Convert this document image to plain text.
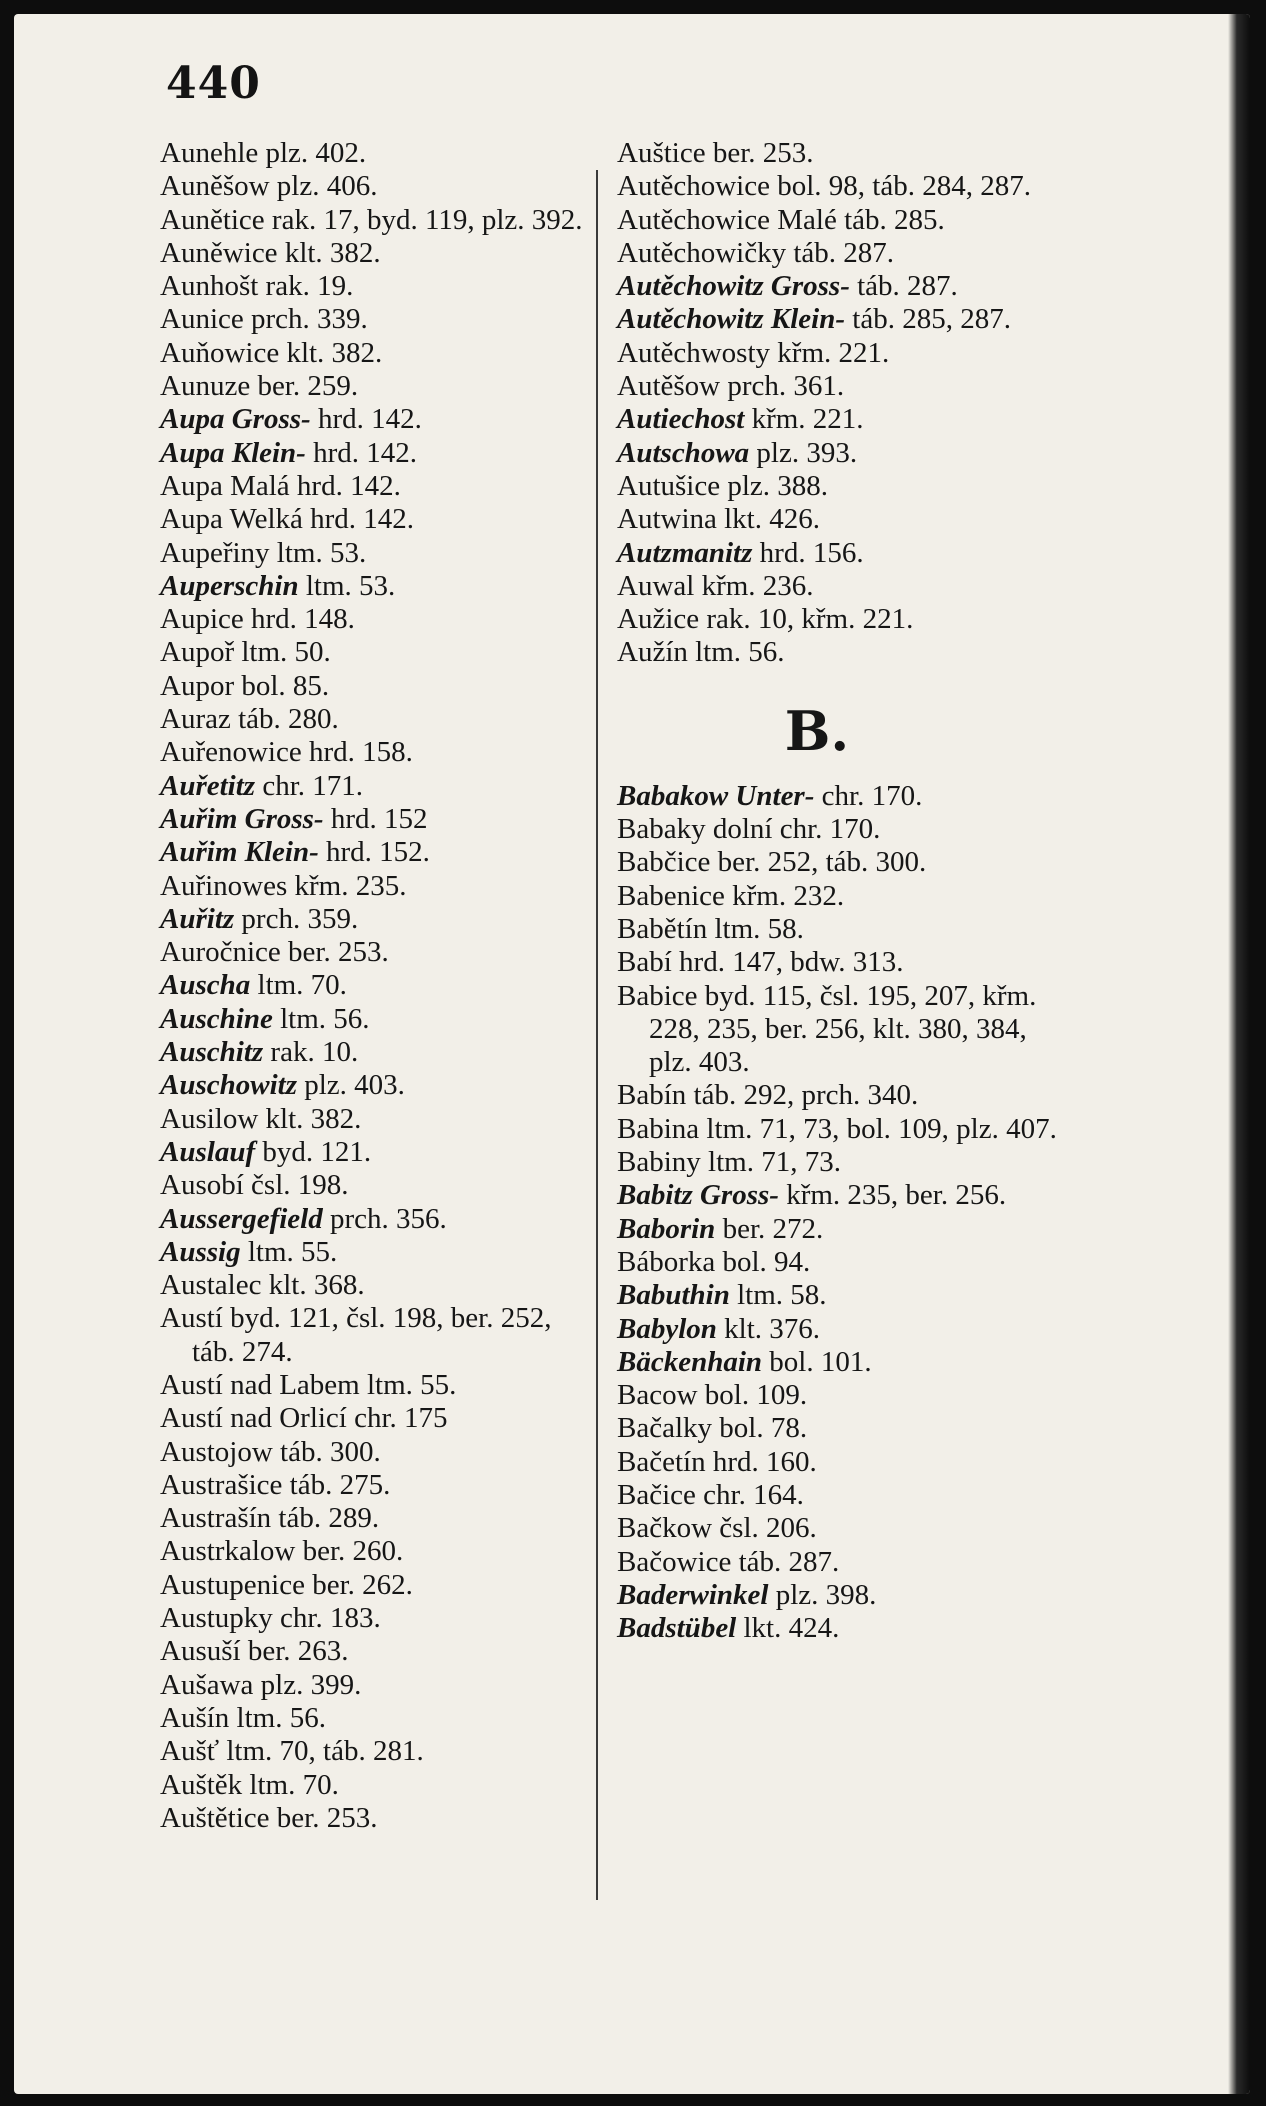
440
Aunehle plz. 402.
Auněšow plz. 406.
Aunětice rak. 17, byd. 119, plz. 392.
Auněwice klt. 382.
Aunhošt rak. 19.
Aunice prch. 339.
Auňowice klt. 382.
Aunuze ber. 259.
Aupa Gross- hrd. 142.
Aupa Klein- hrd. 142.
Aupa Malá hrd. 142.
Aupa Welká hrd. 142.
Aupeřiny ltm. 53.
Auperschin ltm. 53.
Aupice hrd. 148.
Aupoř ltm. 50.
Aupor bol. 85.
Auraz táb. 280.
Auřenowice hrd. 158.
Auřetitz chr. 171.
Auřim Gross- hrd. 152
Auřim Klein- hrd. 152.
Auřinowes křm. 235.
Auřitz prch. 359.
Auročnice ber. 253.
Auscha ltm. 70.
Auschine ltm. 56.
Auschitz rak. 10.
Auschowitz plz. 403.
Ausilow klt. 382.
Auslauf byd. 121.
Ausobí čsl. 198.
Aussergefield prch. 356.
Aussig ltm. 55.
Austalec klt. 368.
Austí byd. 121, čsl. 198, ber. 252, táb. 274.
Austí nad Labem ltm. 55.
Austí nad Orlicí chr. 175
Austojow táb. 300.
Austrašice táb. 275.
Austrašín táb. 289.
Austrkalow ber. 260.
Austupenice ber. 262.
Austupky chr. 183.
Ausuší ber. 263.
Aušawa plz. 399.
Aušín ltm. 56.
Aušť ltm. 70, táb. 281.
Auštěk ltm. 70.
Auštětice ber. 253.
Auštice ber. 253.
Autěchowice bol. 98, táb. 284, 287.
Autěchowice Malé táb. 285.
Autěchowičky táb. 287.
Autěchowitz Gross- táb. 287.
Autěchowitz Klein- táb. 285, 287.
Autěchwosty křm. 221.
Autěšow prch. 361.
Autiechost křm. 221.
Autschowa plz. 393.
Autušice plz. 388.
Autwina lkt. 426.
Autzmanitz hrd. 156.
Auwal křm. 236.
Aužice rak. 10, křm. 221.
Aužín ltm. 56.
B.
Babakow Unter- chr. 170.
Babaky dolní chr. 170.
Babčice ber. 252, táb. 300.
Babenice křm. 232.
Babětín ltm. 58.
Babí hrd. 147, bdw. 313.
Babice byd. 115, čsl. 195, 207, křm. 228, 235, ber. 256, klt. 380, 384, plz. 403.
Babín táb. 292, prch. 340.
Babina ltm. 71, 73, bol. 109, plz. 407.
Babiny ltm. 71, 73.
Babitz Gross- křm. 235, ber. 256.
Baborin ber. 272.
Báborka bol. 94.
Babuthin ltm. 58.
Babylon klt. 376.
Bäckenhain bol. 101.
Bacow bol. 109.
Bačalky bol. 78.
Bačetín hrd. 160.
Bačice chr. 164.
Bačkow čsl. 206.
Bačowice táb. 287.
Baderwinkel plz. 398.
Badstübel lkt. 424.
